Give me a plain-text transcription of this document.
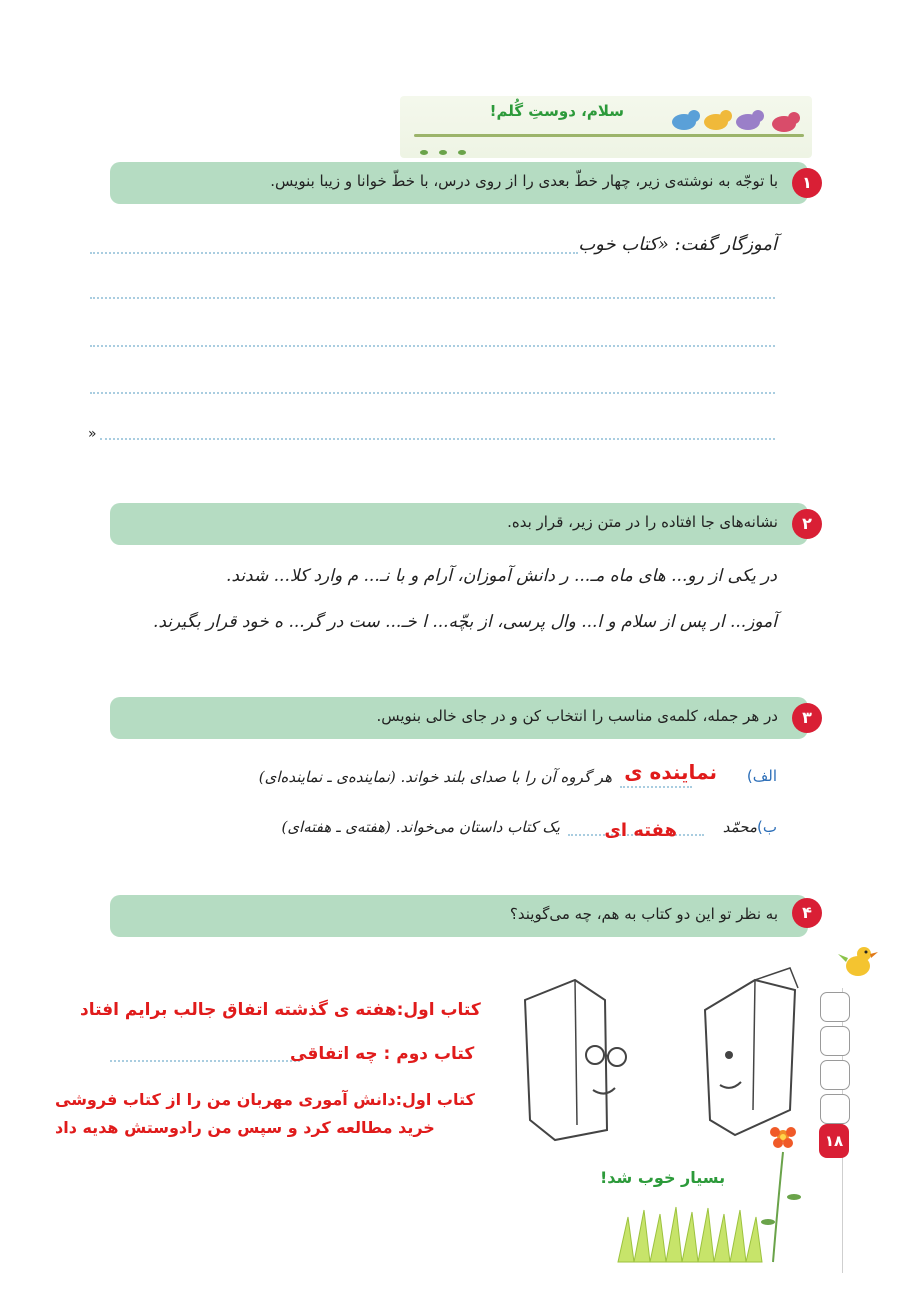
سلام، دوستِ گُلم!

با توجّه به نوشته‌ی زیر، چهار خطّ بعدی را از روی درس، با خطّ خوانا و زیبا بنویس.	۱
آموزگار گفت: «کتاب خوب
»
نشانه‌های جا افتاده را در متن زیر، قرار بده.	۲
در یکی از رو... های ماه مـ... ر دانش آموزان، آرام و با نـ... م وارد کلا... شدند.
آموز... ار پس از سلام و ا... وال پرسی، از بچّه... ا خـ... ست در گر... ه خود قرار بگیرند.
در هر جمله، کلمه‌ی مناسب را انتخاب کن و در جای خالی بنویس.	۳
الف)
نماینده ی
هر گروه آن را با صدای بلند خواند. (نماینده‌ی ـ نماینده‌ای)
ب)
محمّد
هفته ای
یک کتاب داستان می‌خواند. (هفته‌ی ـ هفته‌ای)
به نظر تو این دو کتاب به هم، چه می‌گویند؟	۴
کتاب اول:هفته ی گذشته اتفاق جالب برایم افتاد
کتاب دوم : چه اتفاقی
کتاب اول:دانش آموری مهربان من را از کتاب فروشی
خرید مطالعه کرد و سپس من رادوستش هدیه داد
۱۸
بسیار خوب شد!
